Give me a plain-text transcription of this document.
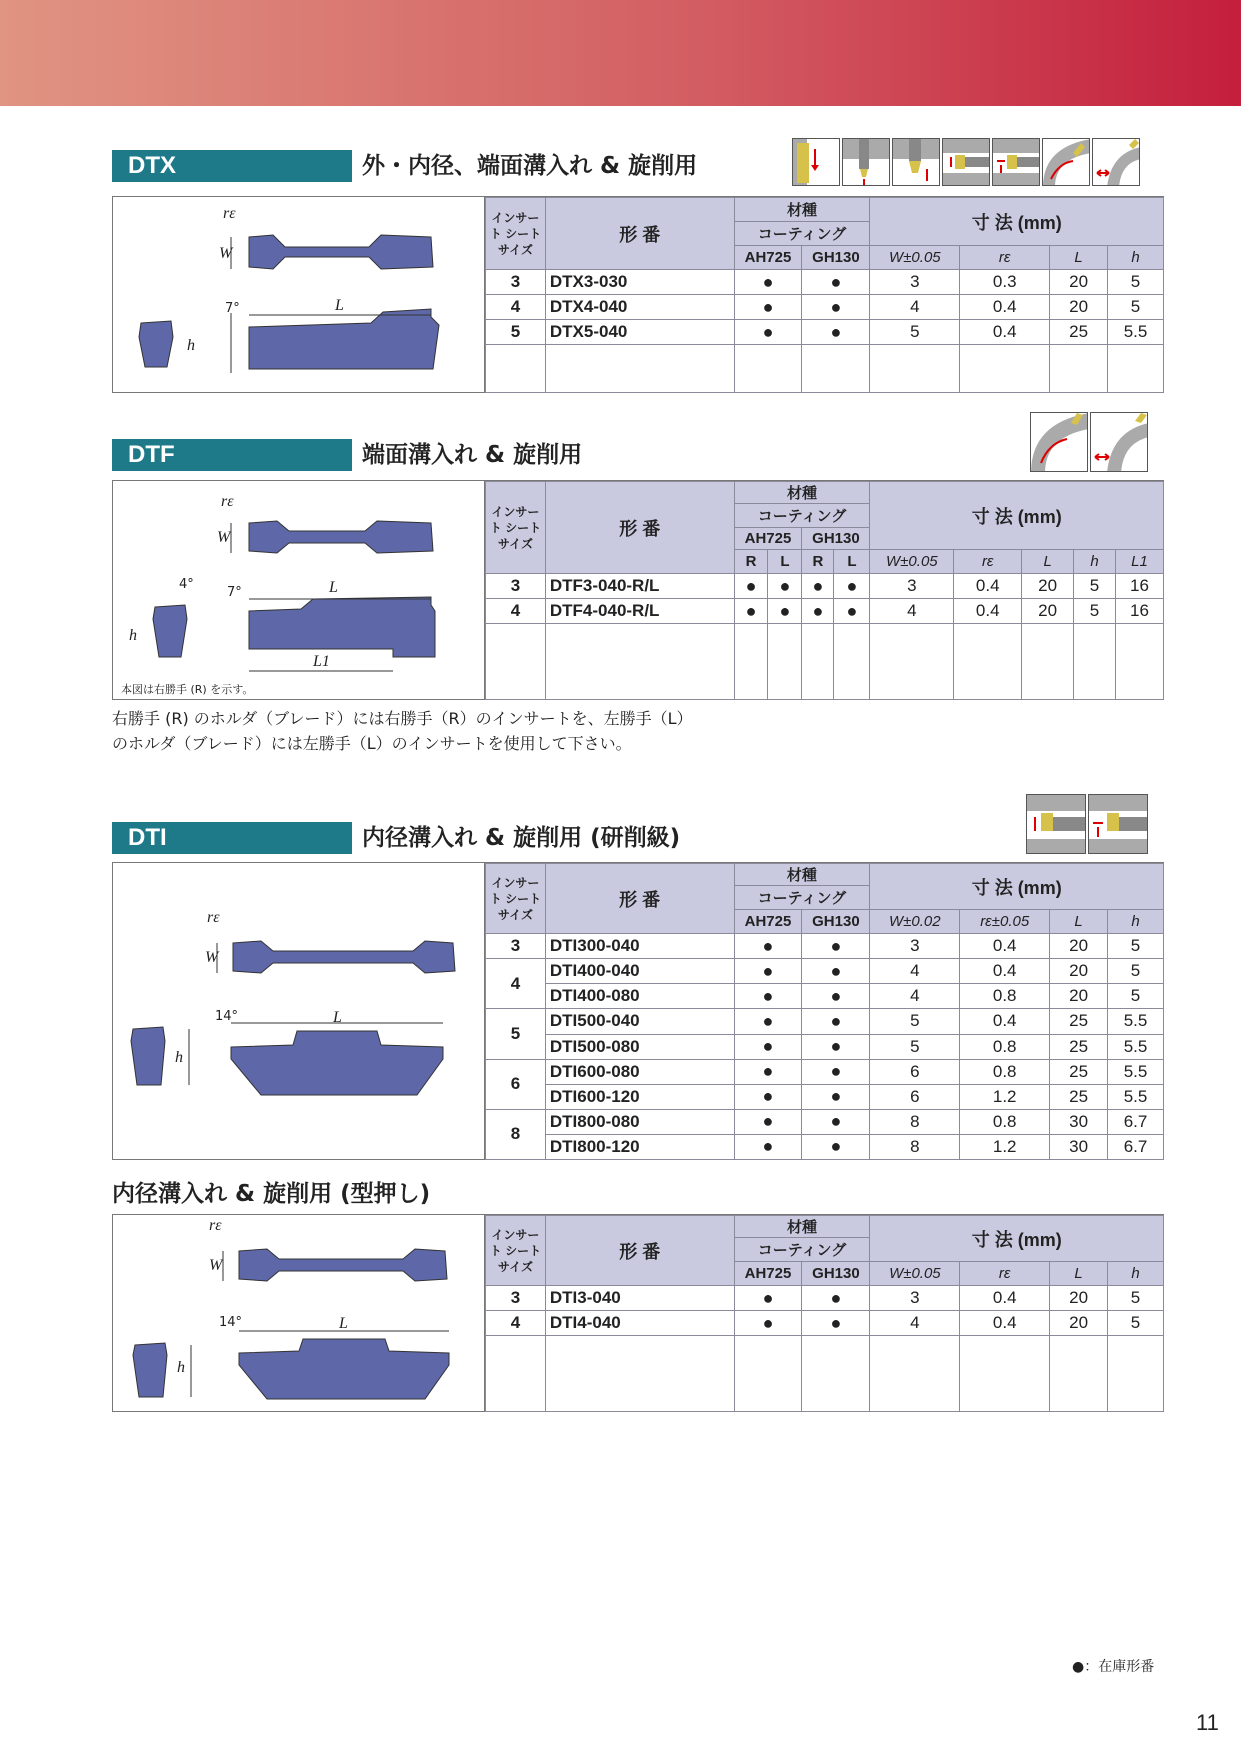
DTX	外・内径、端面溝入れ & 旋削用
rε
W
L
h
7°
インサート シート サイズ	形 番	材種		寸 法 (mm)			
		コーティング					
		AH725	GH130	W±0.05	rε	L	h
3	DTX3-030	●	●	3	0.3	20	5
4	DTX4-040	●	●	4	0.4	20	5
5	DTX5-040	●	●	5	0.4	25	5.5

DTF	端面溝入れ & 旋削用
rε
W
L
L1
h
4°
7°
本図は右勝手 (R) を示す。
インサート シート サイズ	形 番	材種				寸 法 (mm)				
		コーティング								
		AH725		GH130						
		R	L	R	L	W±0.05	rε	L	h	L1
3	DTF3-040-R/L	●	●	●	●	3	0.4	20	5	16
4	DTF4-040-R/L	●	●	●	●	4	0.4	20	5	16

右勝手 (R) のホルダ（ブレード）には右勝手（R）のインサートを、左勝手（L）
のホルダ（ブレード）には左勝手（L）のインサートを使用して下さい。
DTI	内径溝入れ & 旋削用 (研削級)
rε
W
L
h
14°
インサート シート サイズ	形 番	材種		寸 法 (mm)			
		コーティング					
		AH725	GH130	W±0.02	rε±0.05	L	h
3	DTI300-040	●	●	3	0.4	20	5
4	DTI400-040	●	●	4	0.4	20	5
	DTI400-080	●	●	4	0.8	20	5
5	DTI500-040	●	●	5	0.4	25	5.5
	DTI500-080	●	●	5	0.8	25	5.5
6	DTI600-080	●	●	6	0.8	25	5.5
	DTI600-120	●	●	6	1.2	25	5.5
8	DTI800-080	●	●	8	0.8	30	6.7
	DTI800-120	●	●	8	1.2	30	6.7
内径溝入れ & 旋削用 (型押し)
rε
W
L
h
14°
インサート シート サイズ	形 番	材種		寸 法 (mm)			
		コーティング					
		AH725	GH130	W±0.05	rε	L	h
3	DTI3-040	●	●	3	0.4	20	5
4	DTI4-040	●	●	4	0.4	20	5

●：在庫形番
11
